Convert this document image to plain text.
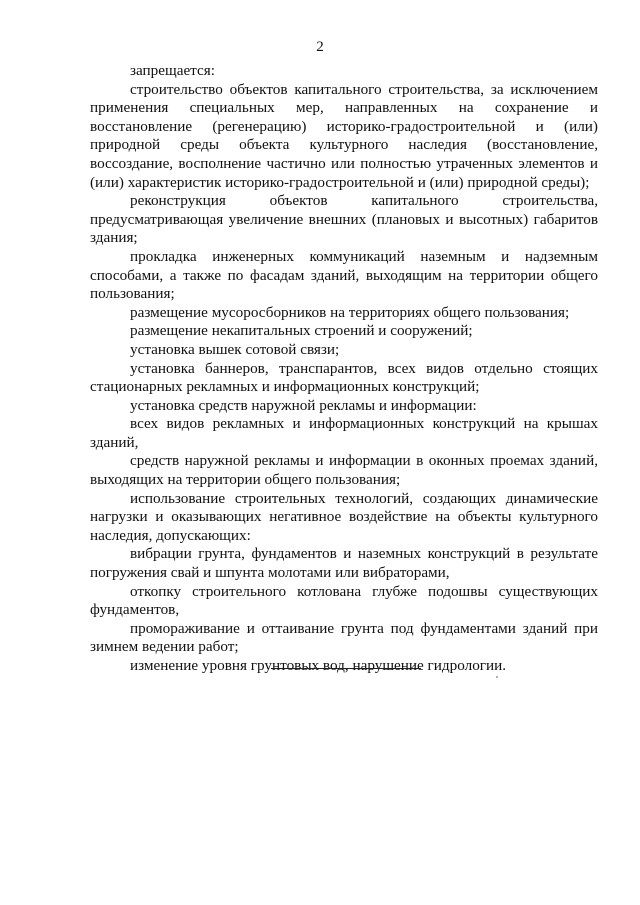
2

запрещается:

строительство объектов капитального строительства, за исключением применения специальных мер, направленных на сохранение и восстановление (регенерацию) историко-градостроительной и (или) природной среды объекта культурного наследия (восстановление, воссоздание, восполнение частично или полностью утраченных элементов и (или) характеристик историко-градостроительной и (или) природной среды);

реконструкция объектов капитального строительства, предусматривающая увеличение внешних (плановых и высотных) габаритов здания;

прокладка инженерных коммуникаций наземным и надземным способами, а также по фасадам зданий, выходящим на территории общего пользования;

размещение мусоросборников на территориях общего пользования;

размещение некапитальных строений и сооружений;

установка вышек сотовой связи;

установка баннеров, транспарантов, всех видов отдельно стоящих стационарных рекламных и информационных конструкций;

установка средств наружной рекламы и информации:

всех видов рекламных и информационных конструкций на крышах зданий,

средств наружной рекламы и информации в оконных проемах зданий, выходящих на территории общего пользования;

использование строительных технологий, создающих динамические нагрузки и оказывающих негативное воздействие на объекты культурного наследия, допускающих:

вибрации грунта, фундаментов и наземных конструкций в результате погружения свай и шпунта молотами или вибраторами,

откопку строительного котлована глубже подошвы существующих фундаментов,

промораживание и оттаивание грунта под фундаментами зданий при зимнем ведении работ;

изменение уровня грунтовых вод, нарушение гидрологии.
